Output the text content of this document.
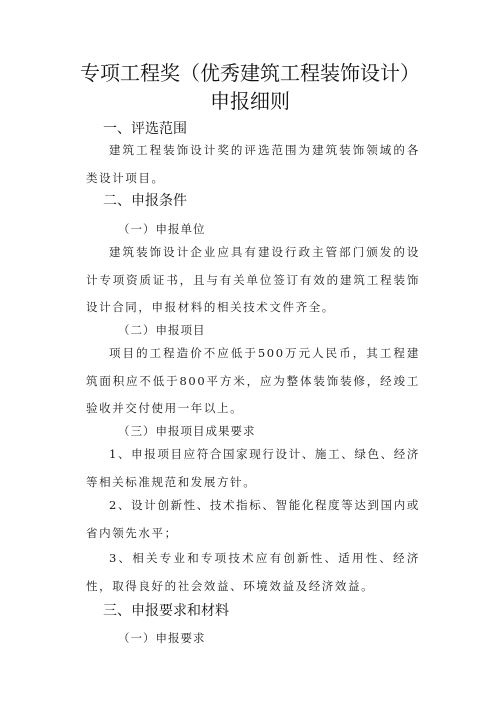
专项工程奖（优秀建筑工程装饰设计）
申报细则
一、评选范围
建筑工程装饰设计奖的评选范围为建筑装饰领域的各类设计项目。
二、申报条件
（一）申报单位
建筑装饰设计企业应具有建设行政主管部门颁发的设计专项资质证书，且与有关单位签订有效的建筑工程装饰设计合同，申报材料的相关技术文件齐全。
（二）申报项目
项目的工程造价不应低于500万元人民币，其工程建筑面积应不低于800平方米，应为整体装饰装修，经竣工验收并交付使用一年以上。
（三）申报项目成果要求
1、申报项目应符合国家现行设计、施工、绿色、经济等相关标准规范和发展方针。
2、设计创新性、技术指标、智能化程度等达到国内或省内领先水平；
3、相关专业和专项技术应有创新性、适用性、经济性，取得良好的社会效益、环境效益及经济效益。
三、申报要求和材料
（一）申报要求
